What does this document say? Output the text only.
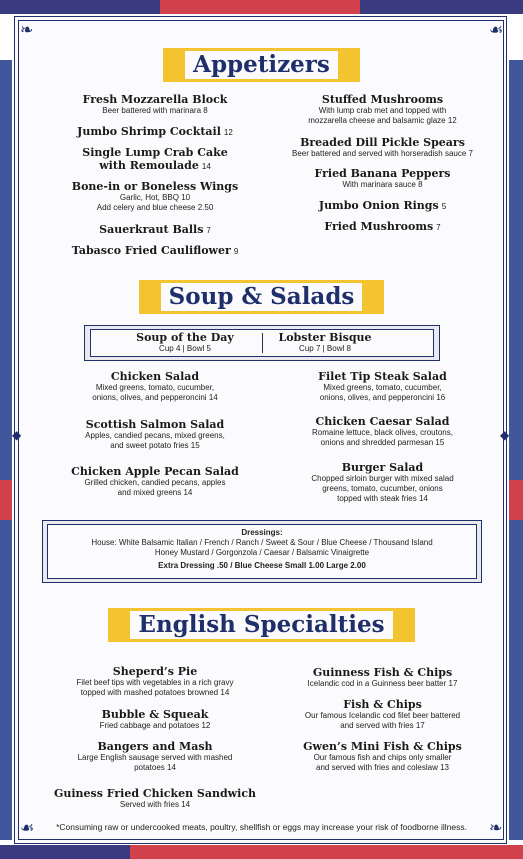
❧	☙
☙	❧
◆	◆
Appetizers
Fresh Mozzarella Block
Beer battered with marinara 8
Jumbo Shrimp Cocktail 12
Single Lump Crab Cake
with Remoulade 14
Bone-in or Boneless Wings
Garlic, Hot, BBQ 10
Add celery and blue cheese 2.50
Sauerkraut Balls 7
Tabasco Fried Cauliflower 9
Stuffed Mushrooms
With lump crab met and topped with
mozzarella cheese and balsamic glaze 12
Breaded Dill Pickle Spears
Beer battered and served with horseradish sauce 7
Fried Banana Peppers
With marinara sauce 8
Jumbo Onion Rings 5
Fried Mushrooms 7
Soup & Salads
Soup of the Day
Cup 4 | Bowl 5
Lobster Bisque
Cup 7 | Bowl 8
Chicken Salad
Mixed greens, tomato, cucumber,
onions, olives, and pepperoncini 14
Scottish Salmon Salad
Apples, candied pecans, mixed greens,
and sweet potato fries 15
Chicken Apple Pecan Salad
Grilled chicken, candied pecans, apples
and mixed greens 14
Filet Tip Steak Salad
Mixed greens, tomato, cucumber,
onions, olives, and pepperoncini 16
Chicken Caesar Salad
Romaine lettuce, black olives, croutons,
onions and shredded parmesan 15
Burger Salad
Chopped sirloin burger with mixed salad
greens, tomato, cucumber, onions
topped with steak fries 14
Dressings:
House: White Balsamic Italian / French / Ranch / Sweet & Sour / Blue Cheese / Thousand Island
Honey Mustard / Gorgonzola / Caesar / Balsamic Vinaigrette
Extra Dressing .50 / Blue Cheese Small 1.00 Large 2.00
English Specialties
Sheperd’s Pie
Filet beef tips with vegetables in a rich gravy
topped with mashed potatoes browned 14
Bubble & Squeak
Fried cabbage and potatoes 12
Bangers and Mash
Large English sausage served with mashed
potatoes 14
Guiness Fried Chicken Sandwich
Served with fries 14
Guinness Fish & Chips
Icelandic cod in a Guinness beer batter 17
Fish & Chips
Our famous Icelandic cod filet beer battered
and served with fries 17
Gwen’s Mini Fish & Chips
Our famous fish and chips only smaller
and served with fries and coleslaw 13
*Consuming raw or undercooked meats, poultry, shellfish or eggs may increase your risk of foodborne illness.
